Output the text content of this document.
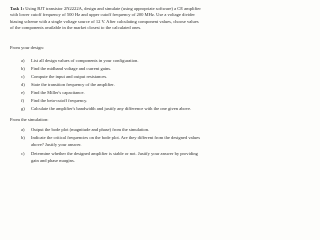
Task 1: Using BJT transistor 2N2222A, design and simulate (using appropriate software) a CE amplifier
with lower cutoff frequency of 500 Hz and upper cutoff frequency of 200 MHz. Use a voltage divider
biasing scheme with a single voltage source of 12 V. After calculating component values, choose values
of the components available in the market closest to the calculated ones.
From your design:
a) List all design values of components in your configuration.
b) Find the midband voltage and current gains.
c) Compute the input and output resistances.
d) State the transition frequency of the amplifier.
e) Find the Miller's capacitance.
f) Find the beta-cutoff frequency.
g) Calculate the amplifier's bandwidth and justify any difference with the one given above.
From the simulation:
a) Output the bode plot (magnitude and phase) from the simulation.
b) Indicate the critical frequencies on the bode plot. Are they different from the designed values
above? Justify your answer.
c) Determine whether the designed amplifier is stable or not. Justify your answer by providing
gain and phase margins.
